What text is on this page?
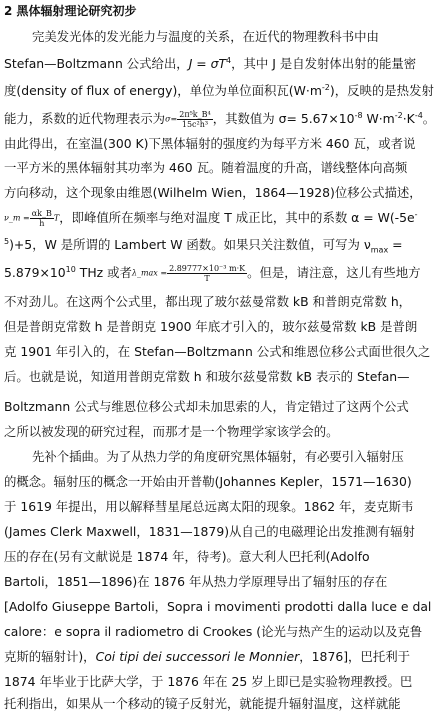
2 黑体辐射理论研究初步
完美发光体的发光能力与温度的关系，在近代的物理教科书中由
Stefan—Boltzmann 公式给出，$J = \sigma T^4$，其中 J 是自发射体出射的能量密
度(density of flux of energy)，单位为单位面积瓦$(W\cdot m^{-2})$，反映的是热发射
能力，系数的近代物理表示为$\sigma= \frac{\text{2π⁵k\_B⁴}}{\text{15c²h³}}$ ，其数值为 $\sigma= 5.67\times 10^{-8}$ $W\cdot m^{-2}\cdot K^{-4}$。
由此得出，在室温(300 K)下黑体辐射的强度约为每平方米 460 瓦，或者说
一平方米的黑体辐射其功率为 460 瓦。随着温度的升高，谱线整体向高频
方向移动，这个现象由维恩(Wilhelm Wien，1864—1928)位移公式描述，
ν_m = $\frac{\alpha k\_B}{h}$ T，即峰值所在频率与绝对温度 T 成正比，其中的系数 α = W(-5e-
$^5$)+5，W 是所谓的 Lambert W 函数。如果只关注数值，可写为 $\nu_{max}$ =
$5.879\times 10^{10}$ THz 或者λ_max = $\frac{\text{2.89777×10⁻³ m·K}}{T}$ 。但是，请注意，这儿有些地方
不对劲儿。在这两个公式里，都出现了玻尔兹曼常数 kB 和普朗克常数 h，
但是普朗克常数 h 是普朗克 1900 年底才引入的，玻尔兹曼常数 kB 是普朗
克 1901 年引入的，在 Stefan—Boltzmann 公式和维恩位移公式面世很久之
后。也就是说，知道用普朗克常数 h 和玻尔兹曼常数 kB 表示的 Stefan—
Boltzmann 公式与维恩位移公式却未加思索的人，肯定错过了这两个公式
之所以被发现的研究过程，而那才是一个物理学家该学会的。
先补个插曲。为了从热力学的角度研究黑体辐射，有必要引入辐射压
的概念。辐射压的概念一开始由开普勒(Johannes Kepler，1571—1630)
于 1619 年提出，用以解释彗星尾总远离太阳的现象。1862 年，麦克斯韦
(James Clerk Maxwell，1831—1879)从自己的电磁理论出发推测有辐射
压的存在(另有文献说是 1874 年，待考)。意大利人巴托利(Adolfo
Bartoli，1851—1896)在 1876 年从热力学原理导出了辐射压的存在
[Adolfo Giuseppe Bartoli，Sopra i movimenti prodotti dalla luce e dal
calore：e sopra il radiometro di Crookes (论光与热产生的运动以及克鲁
克斯的辐射计)，Coi tipi dei successori le Monnier，1876]，巴托利于
1874 年毕业于比萨大学，于 1876 年在 25 岁上即已是实验物理教授。巴
托利指出，如果从一个移动的镜子反射光，就能提升辐射温度，这样就能
